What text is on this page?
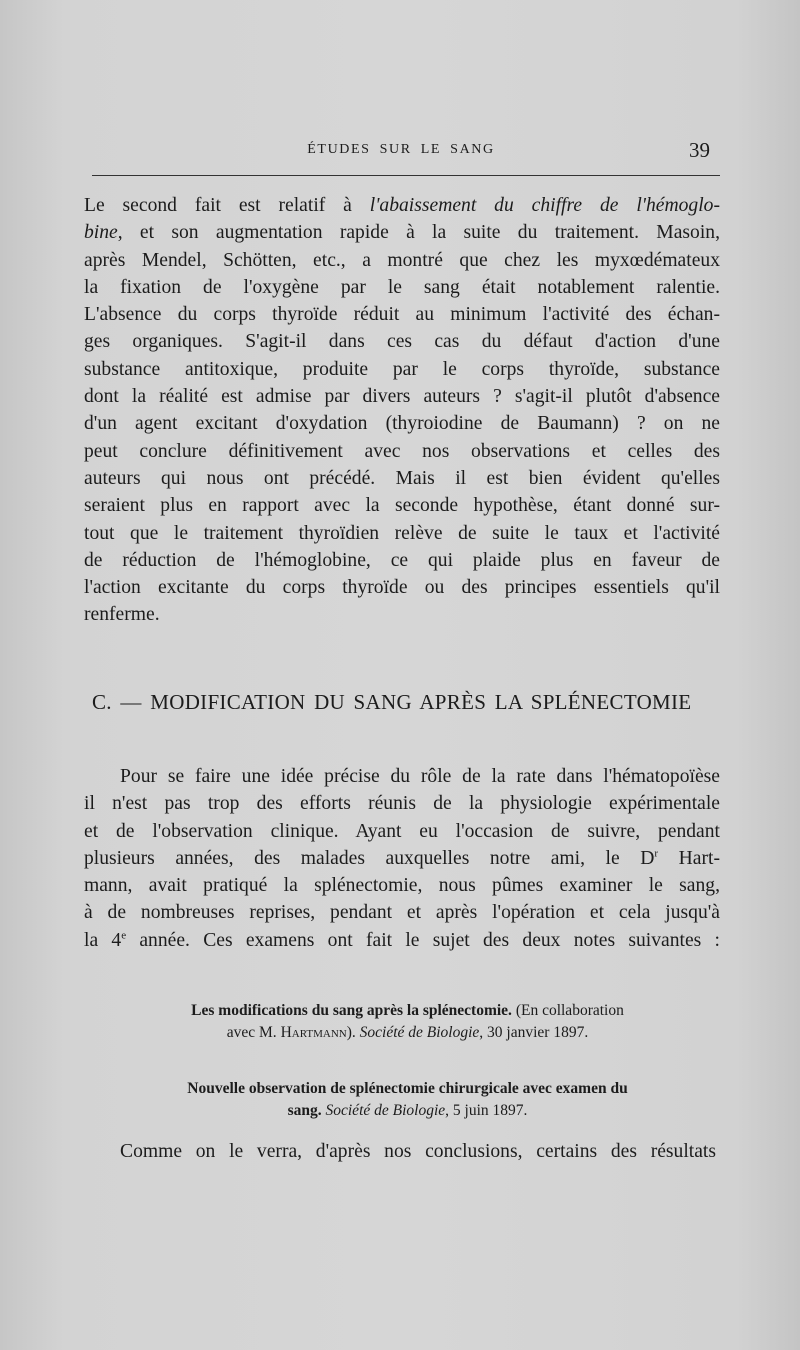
ÉTUDES SUR LE SANG	39
Le second fait est relatif à l'abaissement du chiffre de l'hémoglo-
bine, et son augmentation rapide à la suite du traitement. Masoin,
après Mendel, Schötten, etc., a montré que chez les myxœdémateux
la fixation de l'oxygène par le sang était notablement ralentie.
L'absence du corps thyroïde réduit au minimum l'activité des échan-
ges organiques. S'agit-il dans ces cas du défaut d'action d'une
substance antitoxique, produite par le corps thyroïde, substance
dont la réalité est admise par divers auteurs ? s'agit-il plutôt d'absence
d'un agent excitant d'oxydation (thyroiodine de Baumann) ? on ne
peut conclure définitivement avec nos observations et celles des
auteurs qui nous ont précédé. Mais il est bien évident qu'elles
seraient plus en rapport avec la seconde hypothèse, étant donné sur-
tout que le traitement thyroïdien relève de suite le taux et l'activité
de réduction de l'hémoglobine, ce qui plaide plus en faveur de
l'action excitante du corps thyroïde ou des principes essentiels qu'il
renferme.
C. — MODIFICATION DU SANG APRÈS LA SPLÉNECTOMIE
Pour se faire une idée précise du rôle de la rate dans l'hématopoïèse
il n'est pas trop des efforts réunis de la physiologie expérimentale
et de l'observation clinique. Ayant eu l'occasion de suivre, pendant
plusieurs années, des malades auxquelles notre ami, le $D^r$ Hart-
mann, avait pratiqué la splénectomie, nous pûmes examiner le sang,
à de nombreuses reprises, pendant et après l'opération et cela jusqu'à
la 4e année. Ces examens ont fait le sujet des deux notes suivantes :
Les modifications du sang après la splénectomie. (En collaboration
avec M. Hartmann). Société de Biologie, 30 janvier 1897.
Nouvelle observation de splénectomie chirurgicale avec examen du
sang. Société de Biologie, 5 juin 1897.
Comme on le verra, d'après nos conclusions, certains des résultats
